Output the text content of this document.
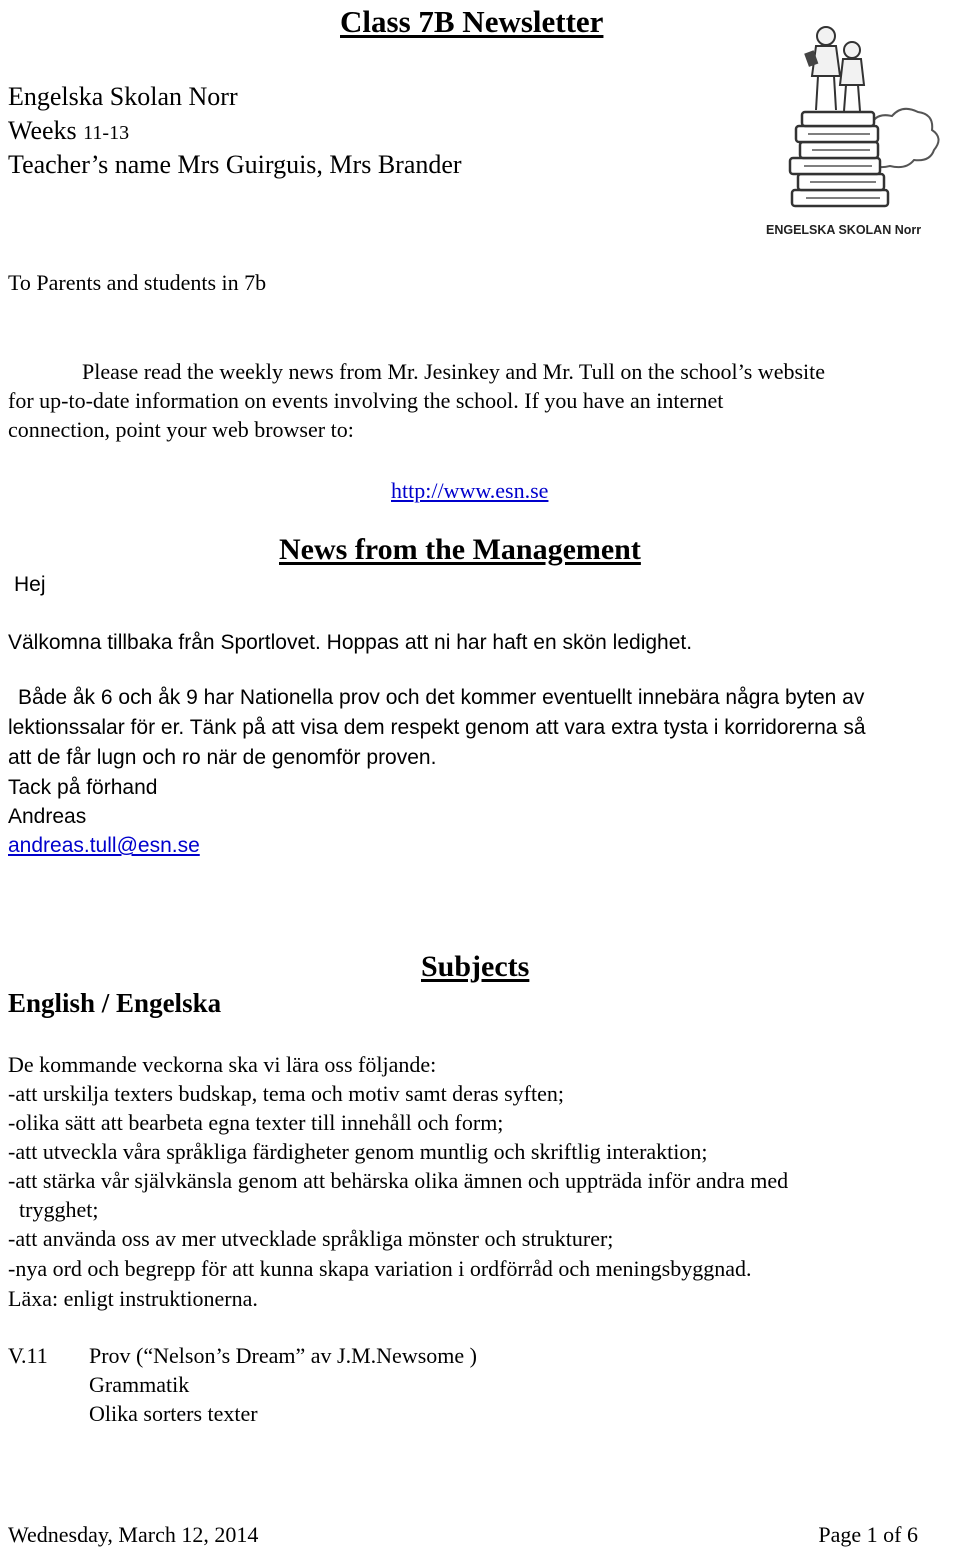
Class 7B Newsletter
Engelska Skolan Norr
Weeks 11-13
Teacher’s name Mrs Guirguis, Mrs Brander
ENGELSKA SKOLAN Norr
To Parents and students in 7b
Please read the weekly news from Mr. Jesinkey and Mr. Tull on the school’s website
for up-to-date information on events involving the school. If you have an internet
connection, point your web browser to:
http://www.esn.se
Hej
News from the Management
Välkomna tillbaka från Sportlovet. Hoppas att ni har haft en skön ledighet.
Både åk 6 och åk 9 har Nationella prov och det kommer eventuellt innebära några byten av
lektionssalar för er. Tänk på att visa dem respekt genom att vara extra tysta i korridorerna så
att de får lugn och ro när de genomför proven.
Tack på förhand
Andreas
andreas.tull@esn.se
Subjects
English / Engelska
De kommande veckorna ska vi lära oss följande:
-att urskilja texters budskap, tema och motiv samt deras syften;
-olika sätt att bearbeta egna texter till innehåll och form;
-att utveckla våra språkliga färdigheter genom muntlig och skriftlig interaktion;
-att stärka vår självkänsla genom att behärska olika ämnen och uppträda inför andra med
trygghet;
-att använda oss av mer utvecklade språkliga mönster och strukturer;
-nya ord och begrepp för att kunna skapa variation i ordförråd och meningsbyggnad.
Läxa: enligt instruktionerna.
V.11 Prov (“Nelson’s Dream” av J.M.Newsome )
Grammatik
Olika sorters texter
Wednesday, March 12, 2014	Page 1 of 6
